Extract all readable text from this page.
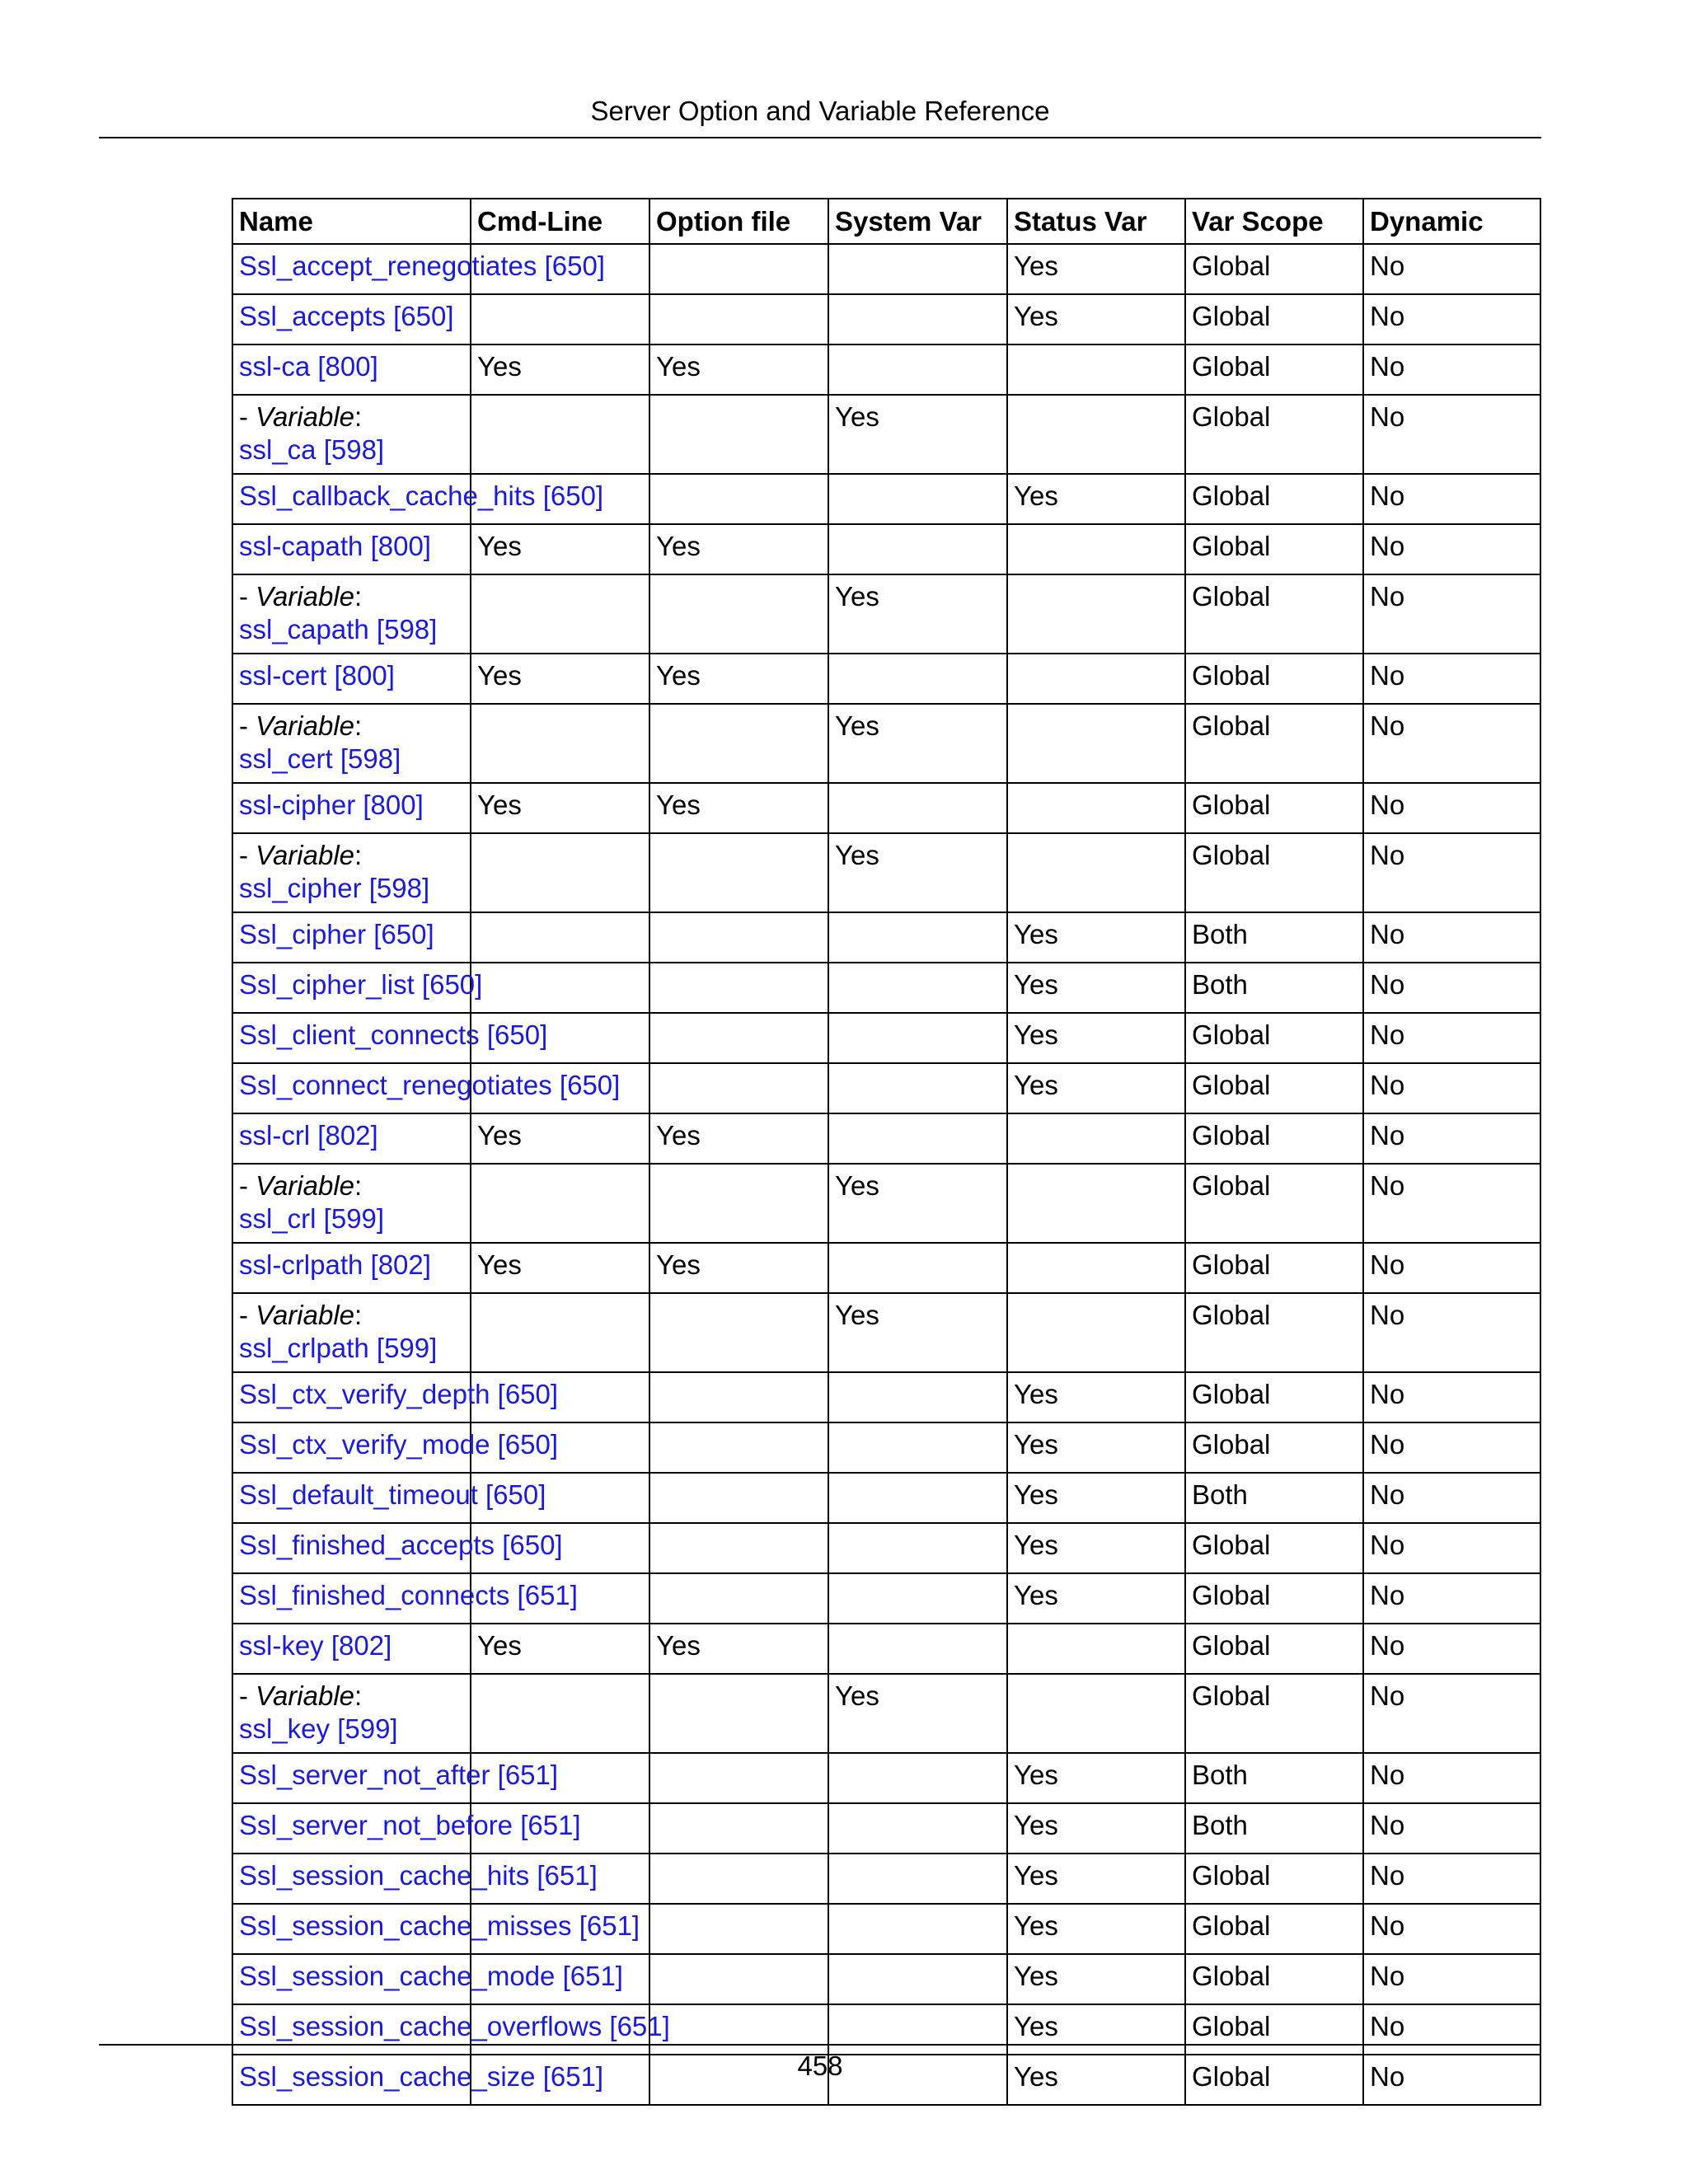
Server Option and Variable Reference
Name	Cmd-Line	Option file	System Var	Status Var	Var Scope	Dynamic

Ssl_accept_renegotiates [650]				Yes	Global	No

Ssl_accepts [650]				Yes	Global	No

ssl-ca [800]	Yes	Yes			Global	No

- Variable:
ssl_ca [598]			Yes		Global	No

Ssl_callback_cache_hits [650]				Yes	Global	No

ssl-capath [800]	Yes	Yes			Global	No

- Variable:
ssl_capath [598]			Yes		Global	No

ssl-cert [800]	Yes	Yes			Global	No

- Variable:
ssl_cert [598]			Yes		Global	No

ssl-cipher [800]	Yes	Yes			Global	No

- Variable:
ssl_cipher [598]			Yes		Global	No

Ssl_cipher [650]				Yes	Both	No

Ssl_cipher_list [650]				Yes	Both	No

Ssl_client_connects [650]				Yes	Global	No

Ssl_connect_renegotiates [650]				Yes	Global	No

ssl-crl [802]	Yes	Yes			Global	No

- Variable:
ssl_crl [599]			Yes		Global	No

ssl-crlpath [802]	Yes	Yes			Global	No

- Variable:
ssl_crlpath [599]			Yes		Global	No

Ssl_ctx_verify_depth [650]				Yes	Global	No

Ssl_ctx_verify_mode [650]				Yes	Global	No

Ssl_default_timeout [650]				Yes	Both	No

Ssl_finished_accepts [650]				Yes	Global	No

Ssl_finished_connects [651]				Yes	Global	No

ssl-key [802]	Yes	Yes			Global	No

- Variable:
ssl_key [599]			Yes		Global	No

Ssl_server_not_after [651]				Yes	Both	No

Ssl_server_not_before [651]				Yes	Both	No

Ssl_session_cache_hits [651]				Yes	Global	No

Ssl_session_cache_misses [651]				Yes	Global	No

Ssl_session_cache_mode [651]				Yes	Global	No

Ssl_session_cache_overflows [651]				Yes	Global	No

Ssl_session_cache_size [651]				Yes	Global	No
458
